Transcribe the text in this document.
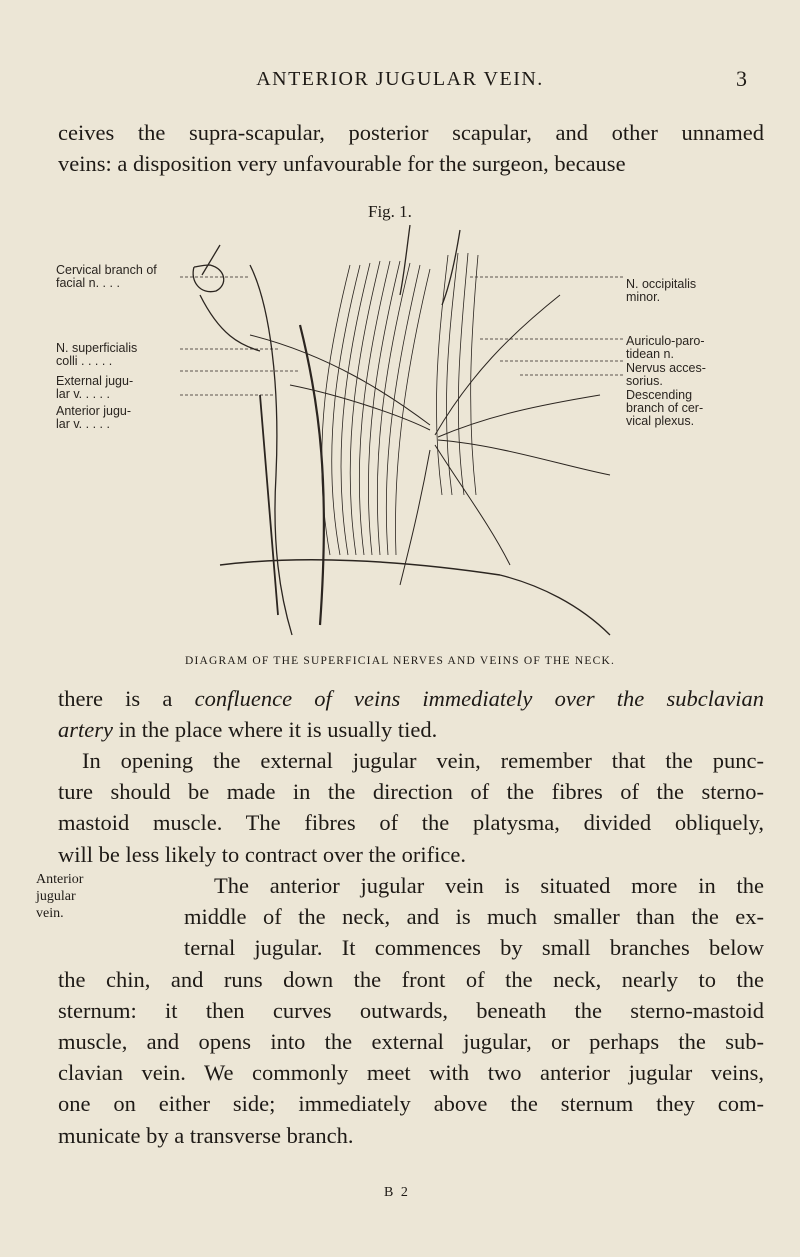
ANTERIOR JUGULAR VEIN.	3
ceives the supra-scapular, posterior scapular, and other unnamed
veins: a disposition very unfavourable for the surgeon, because
Fig. 1.
Cervical branch of
facial n. . . .
N. superficialis
colli . . . . .
External jugu-
lar v. . . . .
Anterior jugu-
lar v. . . . .
N. occipitalis
minor.
Auriculo-paro-
tidean n.
Nervus acces-
sorius.
Descending
branch of cer-
vical plexus.
DIAGRAM OF THE SUPERFICIAL NERVES AND VEINS OF THE NECK.
there is a confluence of veins immediately over the subclavian
artery in the place where it is usually tied.
In opening the external jugular vein, remember that the punc-
ture should be made in the direction of the fibres of the sterno-
mastoid muscle. The fibres of the platysma, divided obliquely,
will be less likely to contract over the orifice.
Anterior
jugular
vein.
The anterior jugular vein is situated more in the
middle of the neck, and is much smaller than the ex-
ternal jugular. It commences by small branches below
the chin, and runs down the front of the neck, nearly to the
sternum: it then curves outwards, beneath the sterno-mastoid
muscle, and opens into the external jugular, or perhaps the sub-
clavian vein. We commonly meet with two anterior jugular veins,
one on either side; immediately above the sternum they com-
municate by a transverse branch.
B 2
